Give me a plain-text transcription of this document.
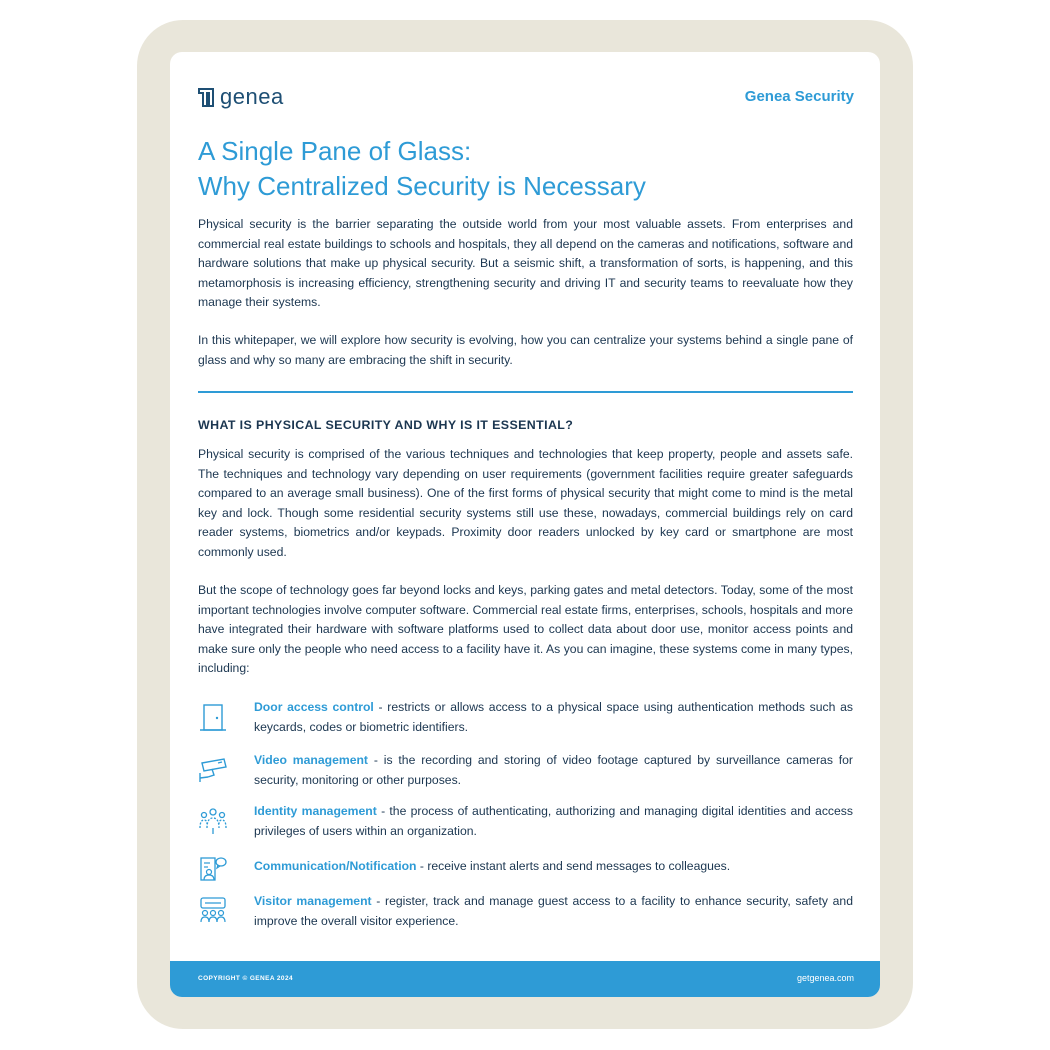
genea	Genea Security
A Single Pane of Glass:
Why Centralized Security is Necessary

Physical security is the barrier separating the outside world from your most valuable assets. From enterprises and commercial real estate buildings to schools and hospitals, they all depend on the cameras and notifications, software and hardware solutions that make up physical security. But a seismic shift, a transformation of sorts, is happening, and this metamorphosis is increasing efficiency, strengthening security and driving IT and security teams to reevaluate how they manage their systems.

In this whitepaper, we will explore how security is evolving, how you can centralize your systems behind a single pane of glass and why so many are embracing the shift in security.

WHAT IS PHYSICAL SECURITY AND WHY IS IT ESSENTIAL?

Physical security is comprised of the various techniques and technologies that keep property, people and assets safe. The techniques and technology vary depending on user requirements (government facilities require greater safeguards compared to an average small business). One of the first forms of physical security that might come to mind is the metal key and lock. Though some residential security systems still use these, nowadays, commercial buildings rely on card reader systems, biometrics and/or keypads. Proximity door readers unlocked by key card or smartphone are most commonly used.

But the scope of technology goes far beyond locks and keys, parking gates and metal detectors. Today, some of the most important technologies involve computer software. Commercial real estate firms, enterprises, schools, hospitals and more have integrated their hardware with software platforms used to collect data about door use, monitor access points and make sure only the people who need access to a facility have it. As you can imagine, these systems come in many types, including:

Door access control - restricts or allows access to a physical space using authentication methods such as keycards, codes or biometric identifiers.
Video management - is the recording and storing of video footage captured by surveillance cameras for security, monitoring or other purposes.
Identity management - the process of authenticating, authorizing and managing digital identities and access privileges of users within an organization.
Communication/Notification - receive instant alerts and send messages to colleagues.
Visitor management - register, track and manage guest access to a facility to enhance security, safety and improve the overall visitor experience.
COPYRIGHT © GENEA 2024	getgenea.com
